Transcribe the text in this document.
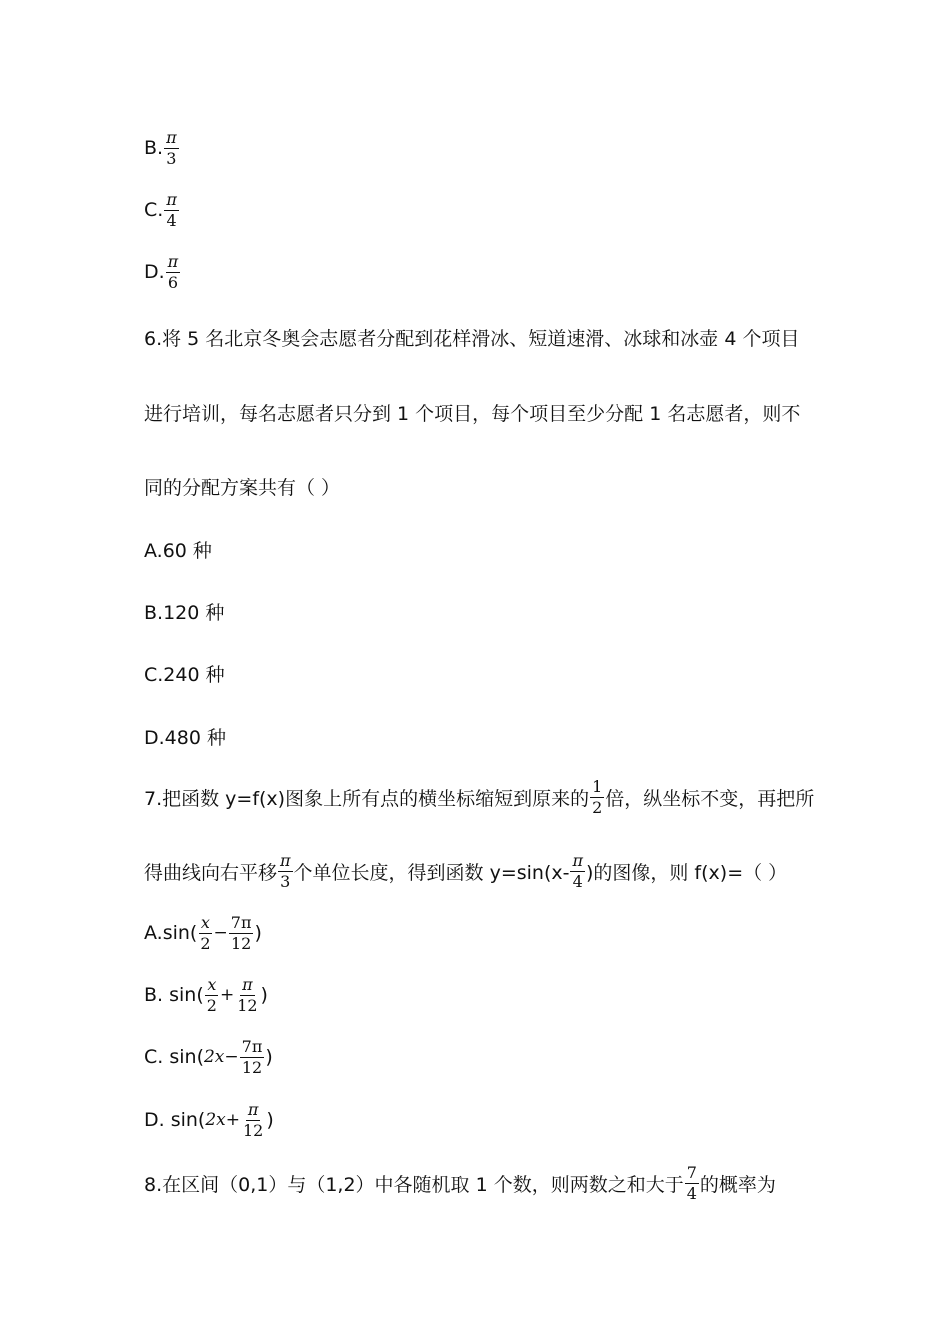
B. $\frac{\pi}{3}$
C. $\frac{\pi}{4}$
D. $\frac{\pi}{6}$
6.将 5 名北京冬奥会志愿者分配到花样滑冰、短道速滑、冰球和冰壶 4 个项目
进行培训，每名志愿者只分到 1 个项目，每个项目至少分配 1 名志愿者，则不
同的分配方案共有（ ）
A.60 种
B.120 种
C.240 种
D.480 种
7.把函数 y=f(x)图象上所有点的横坐标缩短到原来的 $\frac{1}{2}$ 倍，纵坐标不变，再把所
得曲线向右平移 $\frac{\pi}{3}$ 个单位长度，得到函数 $y=\sin(x- \frac{\pi}{4}$ )的图像，则 f(x)=（ ）
$A.\sin( \frac{x}{2} - \frac{7\pi}{12}$ )
B. $\sin( \frac{x}{2} + \frac{\pi}{12}$ )
C. sin( $2x - \frac{7\pi}{12}$ )
D. sin( $2x + \frac{\pi}{12}$ )
8.在区间（0,1）与（1,2）中各随机取 1 个数，则两数之和大于 $\frac{7}{4}$ 的概率为
